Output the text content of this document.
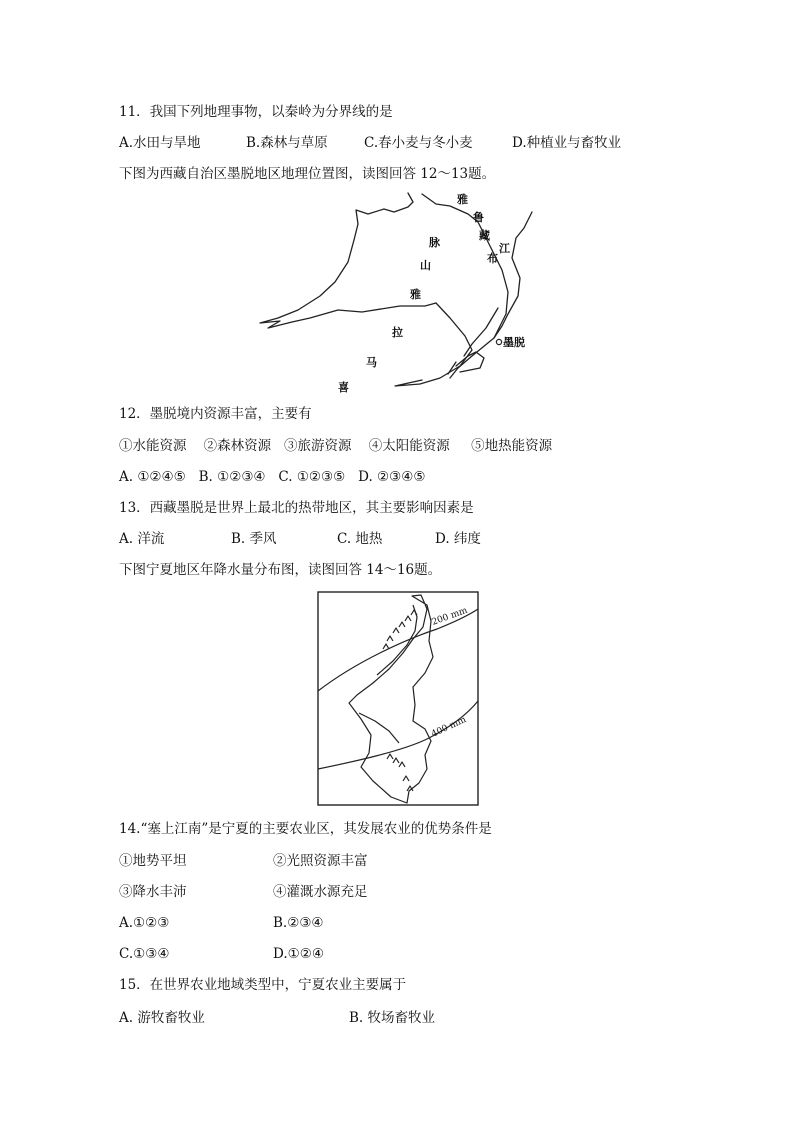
11．我国下列地理事物，以秦岭为分界线的是
A.水田与旱地	B.森林与草原	C.春小麦与冬小麦	D.种植业与畜牧业
下图为西藏自治区墨脱地区地理位置图，读图回答 12～13题。
雅
鲁
藏
布
江
脉
山
雅
拉
马
喜
墨脱
12．墨脱境内资源丰富，主要有
①水能资源    ②森林资源   ③旅游资源    ④太阳能资源     ⑤地热能资源
A. ①②④⑤   B. ①②③④   C. ①②③⑤   D. ②③④⑤
13．西藏墨脱是世界上最北的热带地区，其主要影响因素是
A. 洋流	B. 季风	C. 地热	D. 纬度
下图宁夏地区年降水量分布图，读图回答 14～16题。
200 mm
400 mm
14.“塞上江南”是宁夏的主要农业区，其发展农业的优势条件是
①地势平坦	②光照资源丰富
③降水丰沛	④灌溉水源充足
A.①②③	B.②③④
C.①③④	D.①②④
15．在世界农业地域类型中，宁夏农业主要属于
A. 游牧畜牧业	B. 牧场畜牧业
